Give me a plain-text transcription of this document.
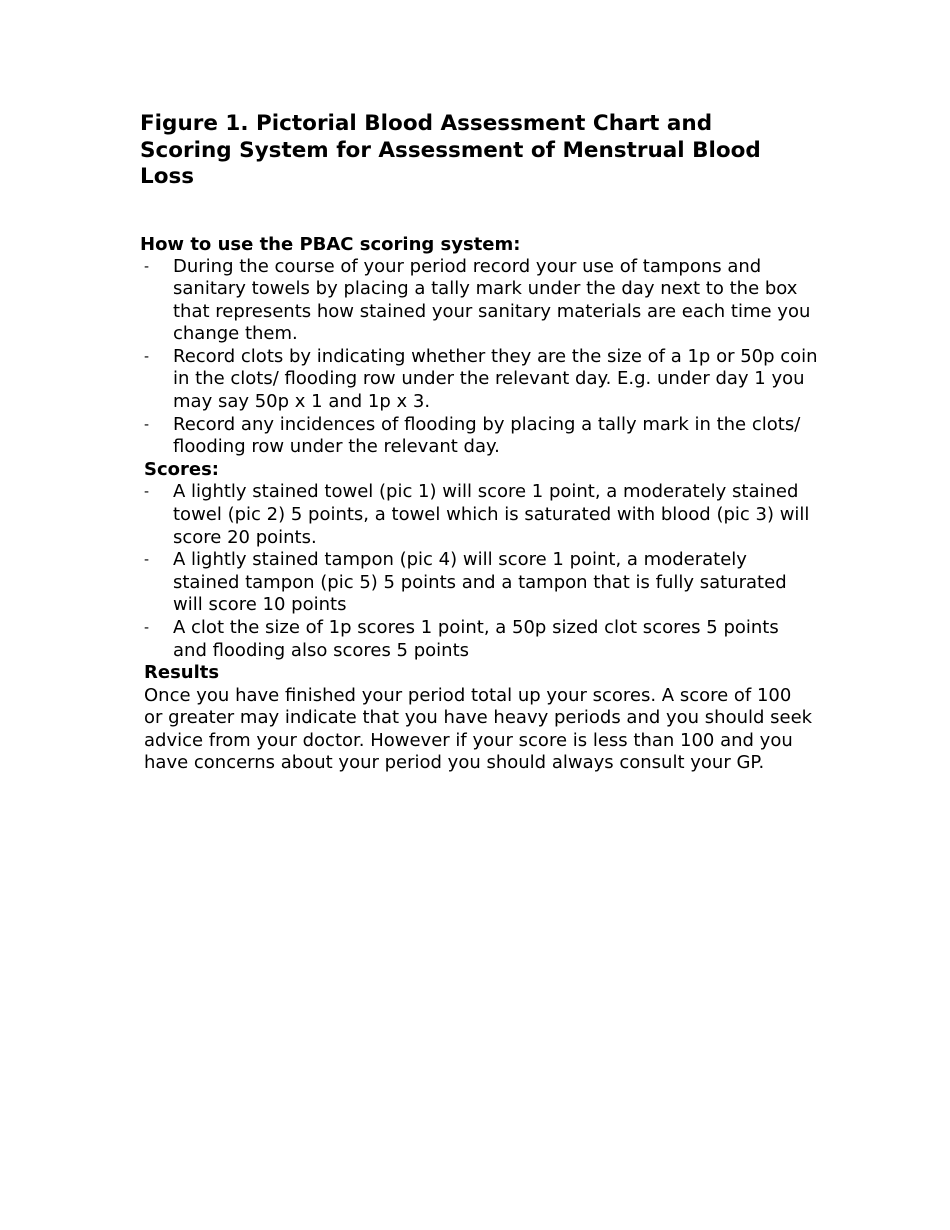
Figure 1. Pictorial Blood Assessment Chart and Scoring System for Assessment of Menstrual Blood Loss
How to use the PBAC scoring system:
- During the course of your period record your use of tampons and sanitary towels by placing a tally mark under the day next to the box that represents how stained your sanitary materials are each time you change them.
- Record clots by indicating whether they are the size of a 1p or 50p coin in the clots/ flooding row under the relevant day. E.g. under day 1 you may say 50p x 1 and 1p x 3.
- Record any incidences of flooding by placing a tally mark in the clots/ flooding row under the relevant day.
Scores:
- A lightly stained towel (pic 1) will score 1 point, a moderately stained towel (pic 2) 5 points, a towel which is saturated with blood (pic 3) will score 20 points.
- A lightly stained tampon (pic 4) will score 1 point, a moderately stained tampon (pic 5) 5 points and a tampon that is fully saturated will score 10 points
- A clot the size of 1p scores 1 point, a 50p sized clot scores 5 points and flooding also scores 5 points
Results

Once you have finished your period total up your scores. A score of 100 or greater may indicate that you have heavy periods and you should seek advice from your doctor. However if your score is less than 100 and you have concerns about your period you should always consult your GP.
